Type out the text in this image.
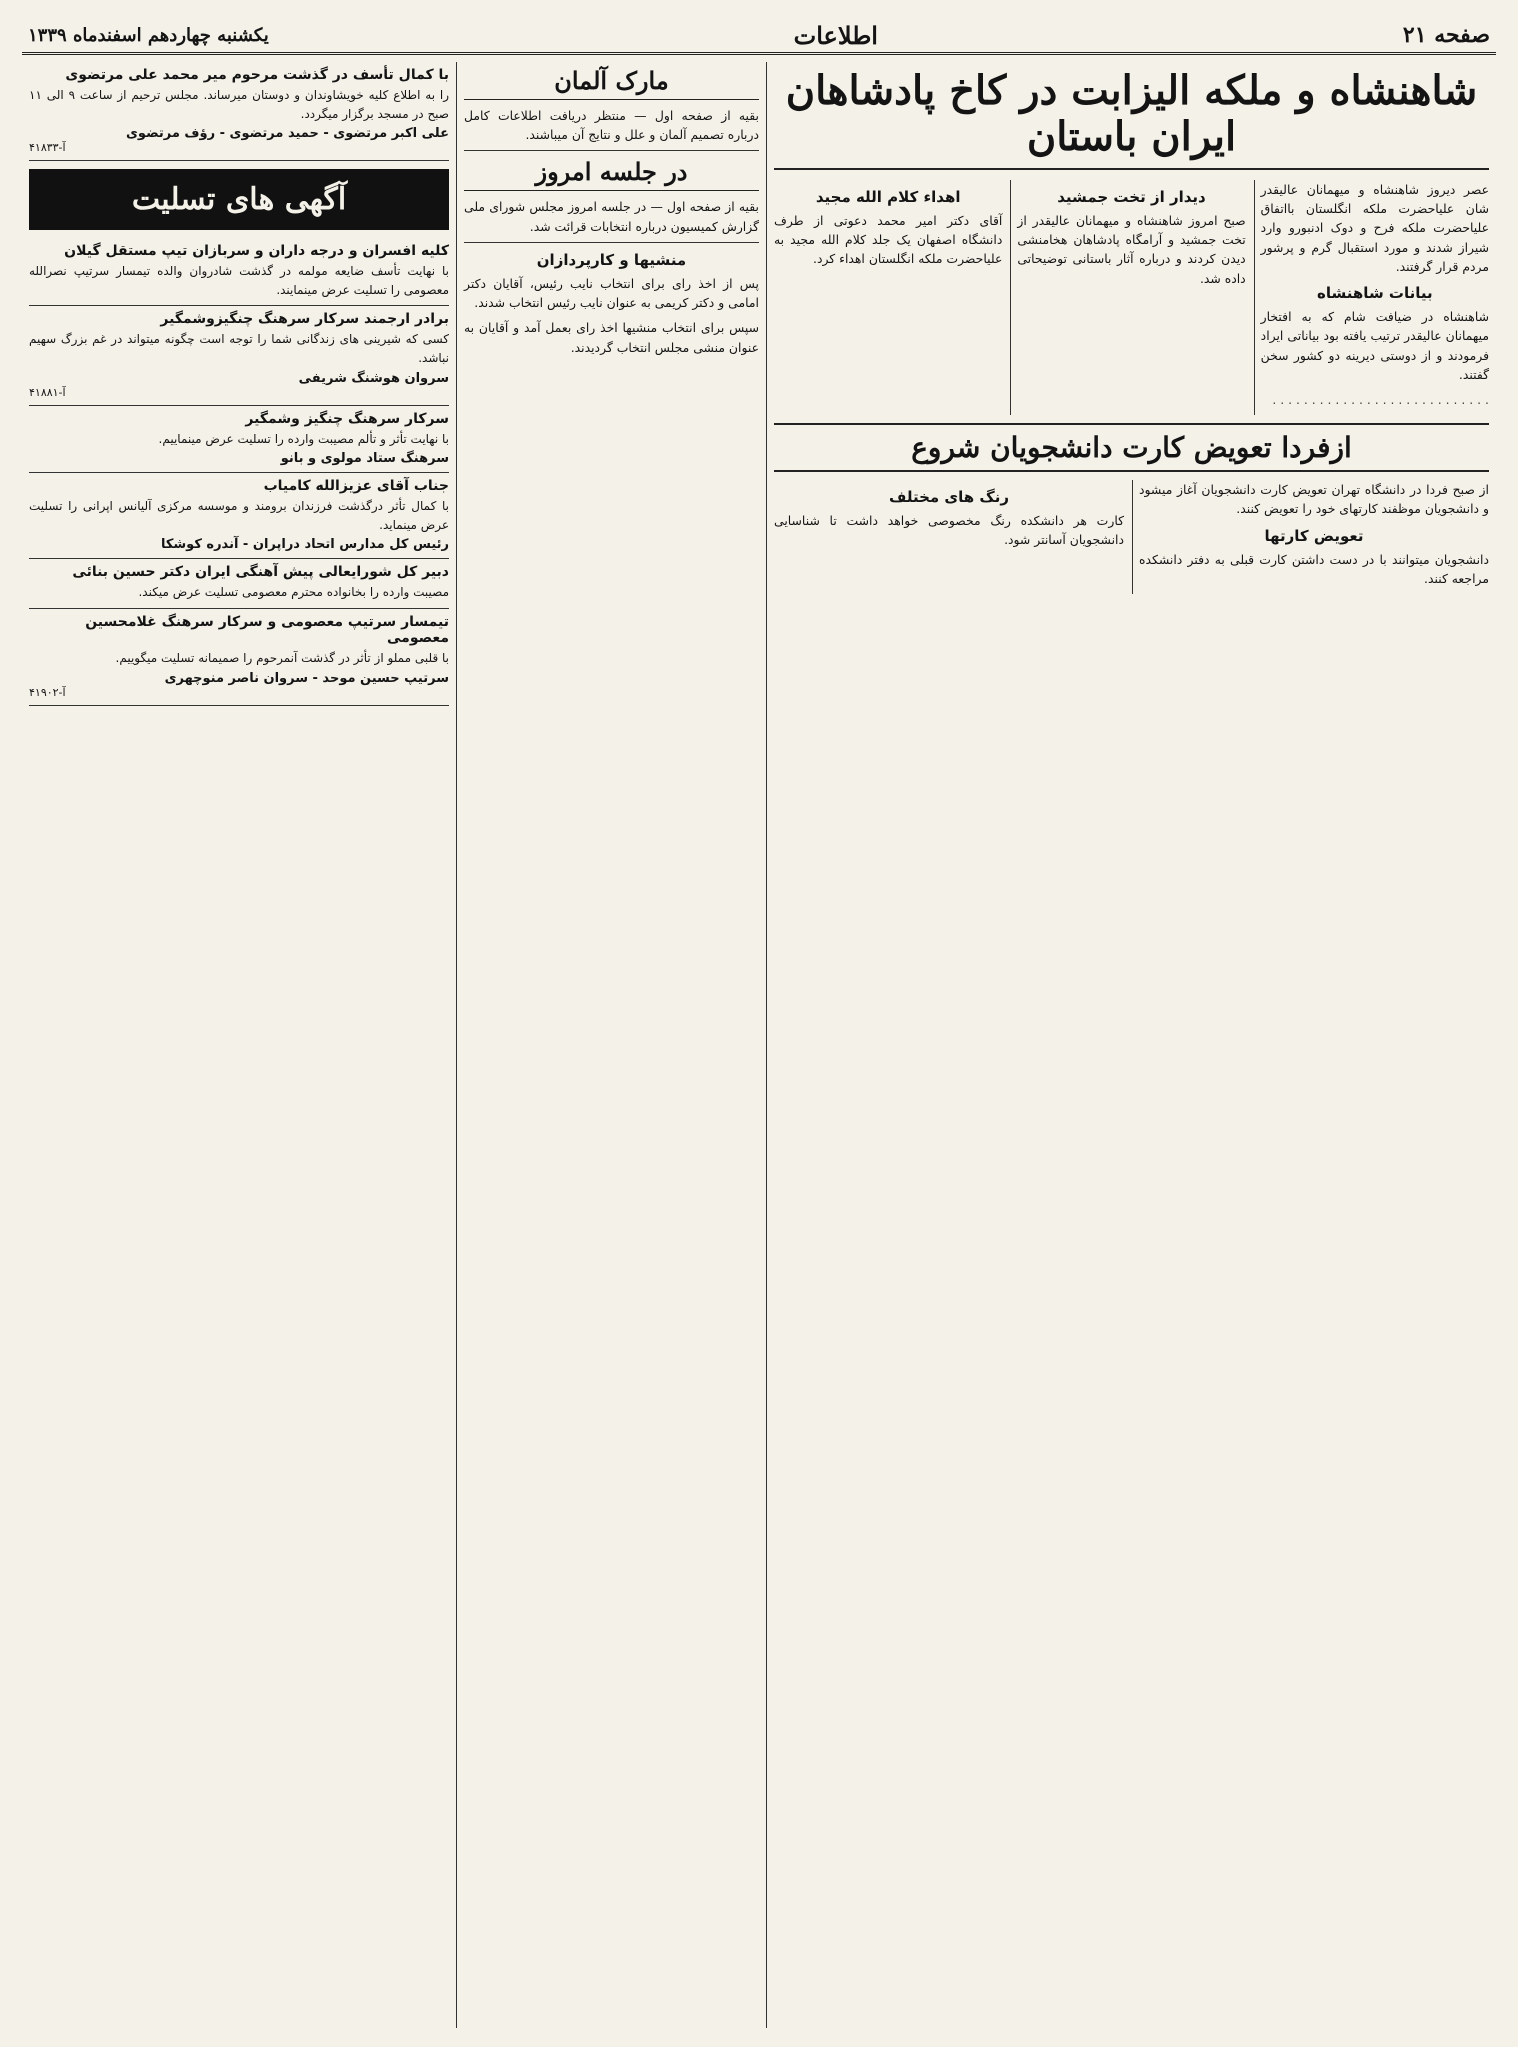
صفحه ۲۱
اطلاعات
یکشنبه چهاردهم اسفندماه ۱۳۳۹
شاهنشاه و ملکه الیزابت در کاخ پادشاهان ایران باستان

عصر دیروز شاهنشاه و میهمانان عالیقدر شان علیاحضرت ملکه انگلستان بااتفاق علیاحضرت ملکه فرح و دوک ادنبورو وارد شیراز شدند و مورد استقبال گرم و پرشور مردم قرار گرفتند.

بیانات شاهنشاه

شاهنشاه در ضیافت شام که به افتخار میهمانان عالیقدر ترتیب یافته بود بیاناتی ایراد فرمودند و از دوستی دیرینه دو کشور سخن گفتند.

. . . . . . . . . . . . . . . . . . . . . . . . . . . .

دیدار از تخت جمشید

صبح امروز شاهنشاه و میهمانان عالیقدر از تخت جمشید و آرامگاه پادشاهان هخامنشی دیدن کردند و درباره آثار باستانی توضیحاتی داده شد.

اهداء کلام الله مجید

آقای دکتر امیر محمد دعوتی از طرف دانشگاه اصفهان یک جلد کلام الله مجید به علیاحضرت ملکه انگلستان اهداء کرد.

ازفردا تعویض کارت دانشجویان شروع

از صبح فردا در دانشگاه تهران تعویض کارت دانشجویان آغاز میشود و دانشجویان موظفند کارتهای خود را تعویض کنند.

تعویض کارتها

دانشجویان میتوانند با در دست داشتن کارت قبلی به دفتر دانشکده مراجعه کنند.

رنگ های مختلف

کارت هر دانشکده رنگ مخصوصی خواهد داشت تا شناسایی دانشجویان آسانتر شود.

مارک آلمان

بقیه از صفحه اول — منتظر دریافت اطلاعات کامل درباره تصمیم آلمان و علل و نتایج آن میباشند.

در جلسه امروز

بقیه از صفحه اول — در جلسه امروز مجلس شورای ملی گزارش کمیسیون درباره انتخابات قرائت شد.

منشیها و کارپردازان

پس از اخذ رای برای انتخاب نایب رئیس، آقایان دکتر امامی و دکتر کریمی به عنوان نایب رئیس انتخاب شدند.

سپس برای انتخاب منشیها اخذ رای بعمل آمد و آقایان به عنوان منشی مجلس انتخاب گردیدند.

با کمال تأسف در گذشت مرحوم میر محمد علی مرتضوی
را به اطلاع کلیه خویشاوندان و دوستان میرساند. مجلس ترحیم از ساعت ۹ الی ۱۱ صبح در مسجد برگزار میگردد.
علی اکبر مرتضوی - حمید مرتضوی - رؤف مرتضوی
آ-۴۱۸۳۳
آگهی های تسلیت
کلیه افسران و درجه داران و سربازان تیپ مستقل گیلان
با نهایت تأسف ضایعه مولمه در گذشت شادروان والده تیمسار سرتیپ نصرالله معصومی را تسلیت عرض مینمایند.
برادر ارجمند سرکار سرهنگ چنگیزوشمگیر
کسی که شیرینی های زندگانی شما را توجه است چگونه میتواند در غم بزرگ سهیم نباشد.
سروان هوشنگ شریفی
آ-۴۱۸۸۱
سرکار سرهنگ چنگیز وشمگیر
با نهایت تأثر و تألم مصیبت وارده را تسلیت عرض مینماییم.
سرهنگ ستاد مولوی و بانو
جناب آقای عزیزالله کامیاب
با کمال تأثر درگذشت فرزندان برومند و موسسه مرکزی آلیانس اپرانی را تسلیت عرض مینماید.
رئیس کل مدارس اتحاد دراپران - آندره کوشکا
دبیر کل شورایعالی پیش آهنگی ایران دکتر حسین بنائی
مصیبت وارده را بخانواده محترم معصومی تسلیت عرض میکند.
تیمسار سرتیپ معصومی و سرکار سرهنگ غلامحسین معصومی
با قلبی مملو از تأثر در گذشت آنمرحوم را صمیمانه تسلیت میگوییم.
سرتیپ حسین موحد - سروان ناصر منوچهری
آ-۴۱۹۰۲
